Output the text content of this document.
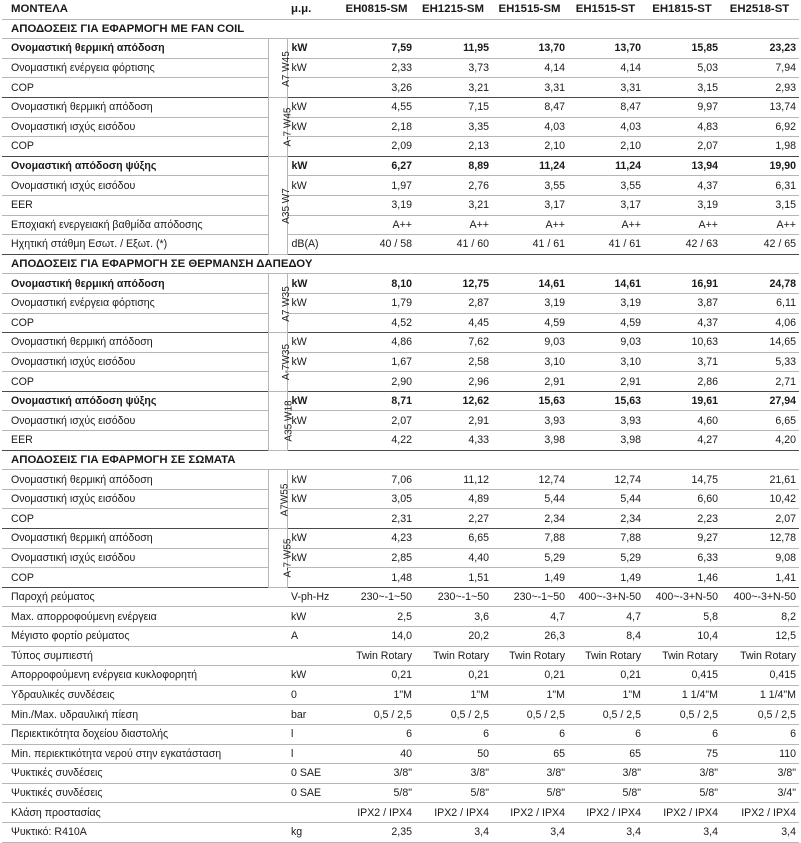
ΜΟΝΤΕΛΑ		μ.μ.	EH0815-SM	EH1215-SM	EH1515-SM	EH1515-ST	EH1815-ST	EH2518-ST
ΑΠΟΔΟΣΕΙΣ ΓΙΑ ΕΦΑΡΜΟΓΗ ΜΕ FAN COIL								
Ονομαστική θερμική απόδοση	A7 W45	kW	7,59	11,95	13,70	13,70	15,85	23,23
Ονομαστική ενέργεια φόρτισης		kW	2,33	3,73	4,14	4,14	5,03	7,94
COP			3,26	3,21	3,31	3,31	3,15	2,93
Ονομαστική θερμική απόδοση	A-7 W45	kW	4,55	7,15	8,47	8,47	9,97	13,74
Ονομαστική ισχύς εισόδου		kW	2,18	3,35	4,03	4,03	4,83	6,92
COP			2,09	2,13	2,10	2,10	2,07	1,98
Ονομαστική απόδοση ψύξης	A35 W7	kW	6,27	8,89	11,24	11,24	13,94	19,90
Ονομαστική ισχύς εισόδου		kW	1,97	2,76	3,55	3,55	4,37	6,31
EER			3,19	3,21	3,17	3,17	3,19	3,15
Εποχιακή ενεργειακή βαθμίδα απόδοσης			A++	A++	A++	A++	A++	A++
Ηχητική στάθμη Εσωτ. / Εξωτ. (*)		dB(A)	40 / 58	41 / 60	41 / 61	41 / 61	42 / 63	42 / 65
ΑΠΟΔΟΣΕΙΣ ΓΙΑ ΕΦΑΡΜΟΓΗ ΣΕ ΘΕΡΜΑΝΣΗ ΔΑΠΕΔΟΥ								
Ονομαστική θερμική απόδοση	A7 W35	kW	8,10	12,75	14,61	14,61	16,91	24,78
Ονομαστική ενέργεια φόρτισης		kW	1,79	2,87	3,19	3,19	3,87	6,11
COP			4,52	4,45	4,59	4,59	4,37	4,06
Ονομαστική θερμική απόδοση	A-7W35	kW	4,86	7,62	9,03	9,03	10,63	14,65
Ονομαστική ισχύς εισόδου		kW	1,67	2,58	3,10	3,10	3,71	5,33
COP			2,90	2,96	2,91	2,91	2,86	2,71
Ονομαστική απόδοση ψύξης	A35 W18	kW	8,71	12,62	15,63	15,63	19,61	27,94
Ονομαστική ισχύς εισόδου		kW	2,07	2,91	3,93	3,93	4,60	6,65
EER			4,22	4,33	3,98	3,98	4,27	4,20
ΑΠΟΔΟΣΕΙΣ ΓΙΑ ΕΦΑΡΜΟΓΗ ΣΕ ΣΩΜΑΤΑ								
Ονομαστική θερμική απόδοση	A7W55	kW	7,06	11,12	12,74	12,74	14,75	21,61
Ονομαστική ισχύς εισόδου		kW	3,05	4,89	5,44	5,44	6,60	10,42
COP			2,31	2,27	2,34	2,34	2,23	2,07
Ονομαστική θερμική απόδοση	A-7 W55	kW	4,23	6,65	7,88	7,88	9,27	12,78
Ονομαστική ισχύς εισόδου		kW	2,85	4,40	5,29	5,29	6,33	9,08
COP			1,48	1,51	1,49	1,49	1,46	1,41
Παροχή ρεύματος		V-ph-Hz	230~-1~50	230~-1~50	230~-1~50	400~-3+N-50	400~-3+N-50	400~-3+N-50
Max. απορροφούμενη ενέργεια		kW	2,5	3,6	4,7	4,7	5,8	8,2
Μέγιστο φορτίο ρεύματος		A	14,0	20,2	26,3	8,4	10,4	12,5
Τύπος συμπιεστή			Twin Rotary	Twin Rotary	Twin Rotary	Twin Rotary	Twin Rotary	Twin Rotary
Απορροφούμενη ενέργεια κυκλοφορητή		kW	0,21	0,21	0,21	0,21	0,415	0,415
Υδραυλικές συνδέσεις		0	1"M	1"M	1"M	1"M	1 1/4"M	1 1/4"M
Min./Max. υδραυλική πίεση		bar	0,5 / 2,5	0,5 / 2,5	0,5 / 2,5	0,5 / 2,5	0,5 / 2,5	0,5 / 2,5
Περιεκτικότητα δοχείου διαστολής		l	6	6	6	6	6	6
Min. περιεκτικότητα νερού στην εγκατάσταση		l	40	50	65	65	75	110
Ψυκτικές συνδέσεις		0 SAE	3/8"	3/8"	3/8"	3/8"	3/8"	3/8"
Ψυκτικές συνδέσεις		0 SAE	5/8"	5/8"	5/8"	5/8"	5/8"	3/4"
Κλάση προστασίας			IPX2 / IPX4	IPX2 / IPX4	IPX2 / IPX4	IPX2 / IPX4	IPX2 / IPX4	IPX2 / IPX4
Ψυκτικό: R410A		kg	2,35	3,4	3,4	3,4	3,4	3,4
